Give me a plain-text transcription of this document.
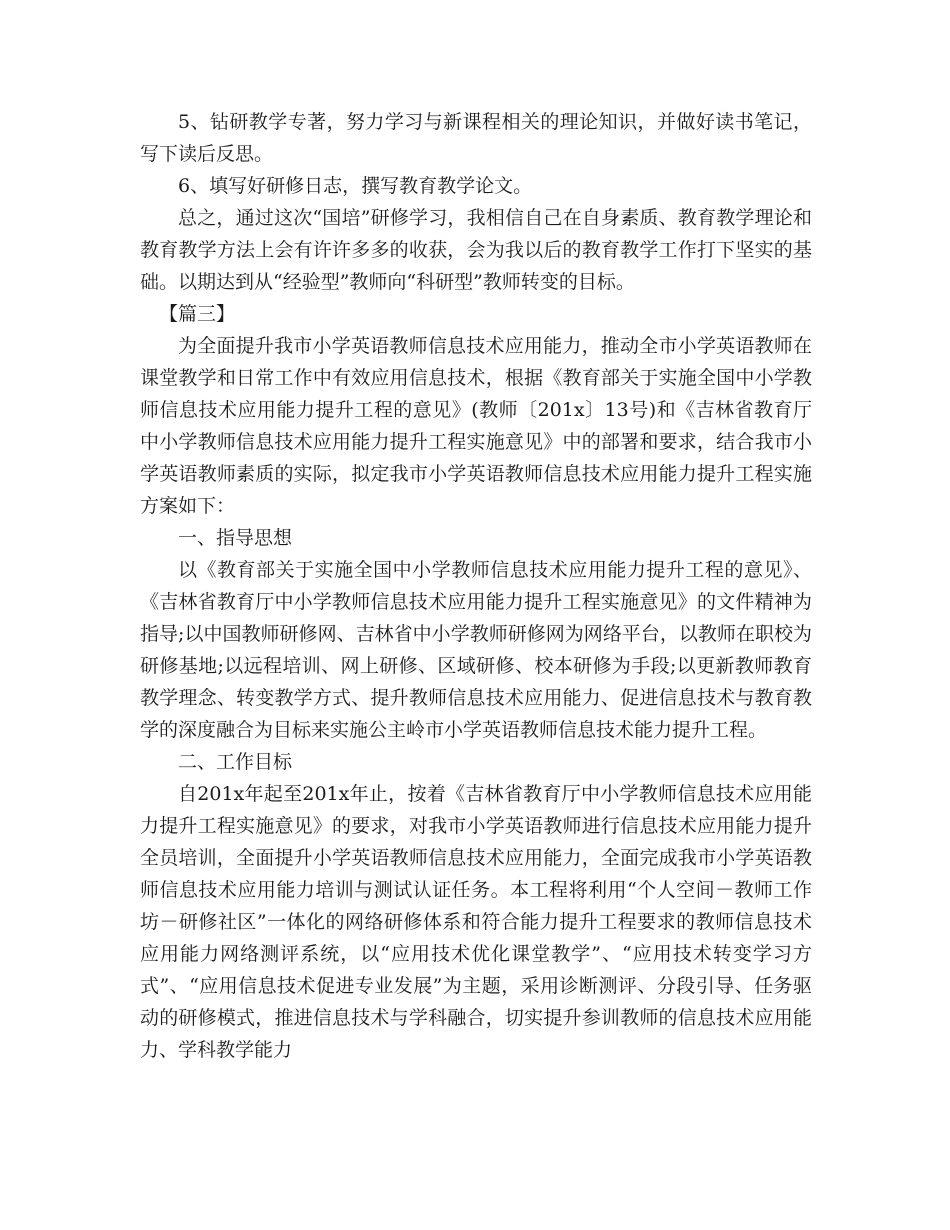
5、钻研教学专著，努力学习与新课程相关的理论知识，并做好读书笔记，写下读后反思。

6、填写好研修日志，撰写教育教学论文。

总之，通过这次“国培”研修学习，我相信自己在自身素质、教育教学理论和教育教学方法上会有许许多多的收获，会为我以后的教育教学工作打下坚实的基础。以期达到从“经验型”教师向“科研型”教师转变的目标。

【篇三】

为全面提升我市小学英语教师信息技术应用能力，推动全市小学英语教师在课堂教学和日常工作中有效应用信息技术，根据《教育部关于实施全国中小学教师信息技术应用能力提升工程的意见》(教师〔201x〕13号)和《吉林省教育厅中小学教师信息技术应用能力提升工程实施意见》中的部署和要求，结合我市小学英语教师素质的实际，拟定我市小学英语教师信息技术应用能力提升工程实施方案如下：

一、指导思想

以《教育部关于实施全国中小学教师信息技术应用能力提升工程的意见》、《吉林省教育厅中小学教师信息技术应用能力提升工程实施意见》的文件精神为指导;以中国教师研修网、吉林省中小学教师研修网为网络平台，以教师在职校为研修基地;以远程培训、网上研修、区域研修、校本研修为手段;以更新教师教育教学理念、转变教学方式、提升教师信息技术应用能力、促进信息技术与教育教学的深度融合为目标来实施公主岭市小学英语教师信息技术能力提升工程。

二、工作目标

自201x年起至201x年止，按着《吉林省教育厅中小学教师信息技术应用能力提升工程实施意见》的要求，对我市小学英语教师进行信息技术应用能力提升全员培训，全面提升小学英语教师信息技术应用能力，全面完成我市小学英语教师信息技术应用能力培训与测试认证任务。本工程将利用“个人空间－教师工作坊－研修社区”一体化的网络研修体系和符合能力提升工程要求的教师信息技术应用能力网络测评系统，以“应用技术优化课堂教学”、“应用技术转变学习方式”、“应用信息技术促进专业发展”为主题，采用诊断测评、分段引导、任务驱动的研修模式，推进信息技术与学科融合，切实提升参训教师的信息技术应用能力、学科教学能力
